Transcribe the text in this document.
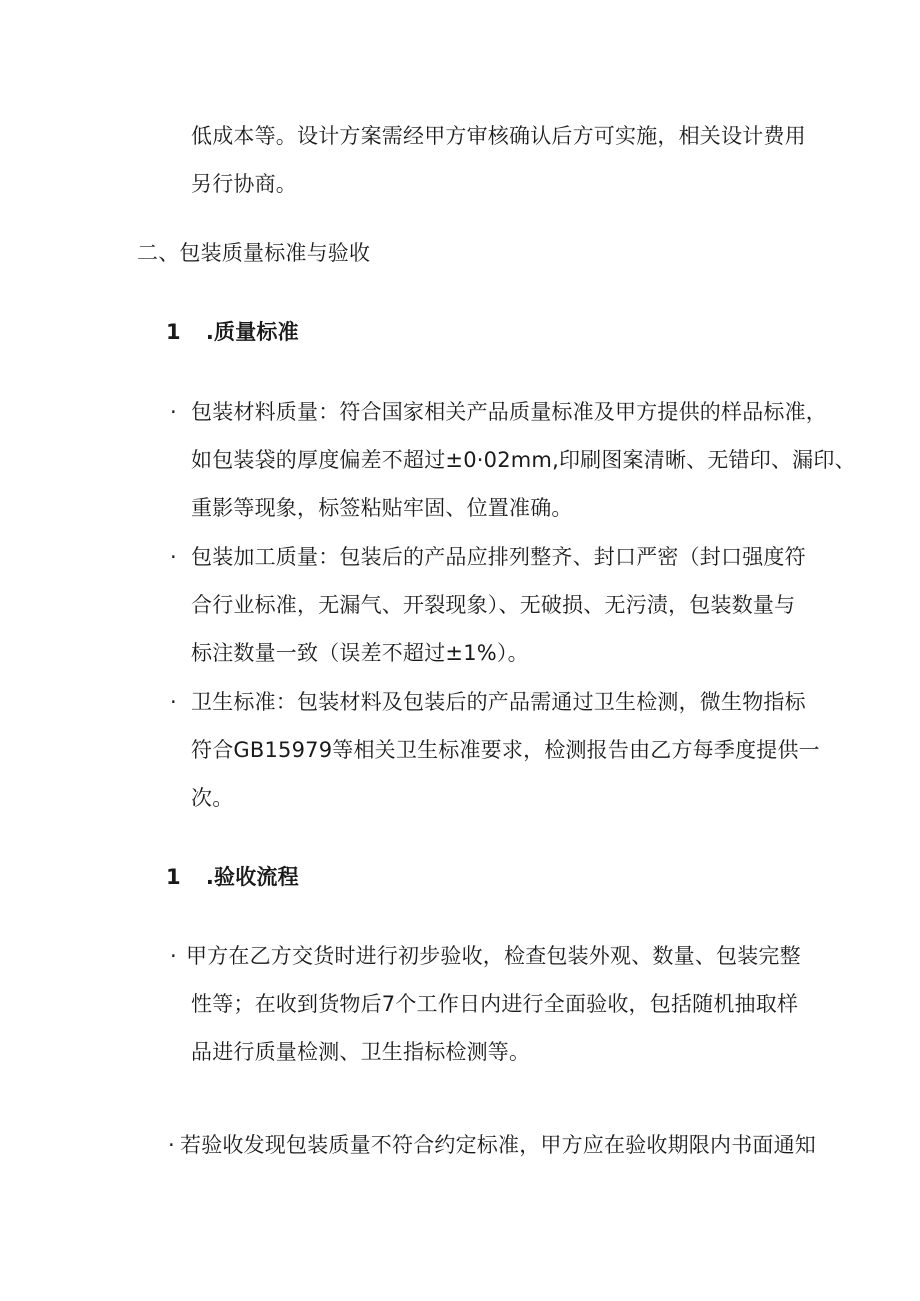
低成本等。设计方案需经甲方审核确认后方可实施，相关设计费用
另行协商。
二、包装质量标准与验收
1 .质量标准
· 包装材料质量：符合国家相关产品质量标准及甲方提供的样品标准，
如包装袋的厚度偏差不超过±0·02mm,印刷图案清晰、无错印、漏印、
重影等现象，标签粘贴牢固、位置准确。
· 包装加工质量：包装后的产品应排列整齐、封口严密（封口强度符
合行业标准，无漏气、开裂现象）、无破损、无污渍，包装数量与
标注数量一致（误差不超过±1%）。
· 卫生标准：包装材料及包装后的产品需通过卫生检测，微生物指标
符合GB15979等相关卫生标准要求，检测报告由乙方每季度提供一
次。
1 .验收流程
· 甲方在乙方交货时进行初步验收，检查包装外观、数量、包装完整
性等；在收到货物后7个工作日内进行全面验收，包括随机抽取样
品进行质量检测、卫生指标检测等。
· 若验收发现包装质量不符合约定标准，甲方应在验收期限内书面通知
